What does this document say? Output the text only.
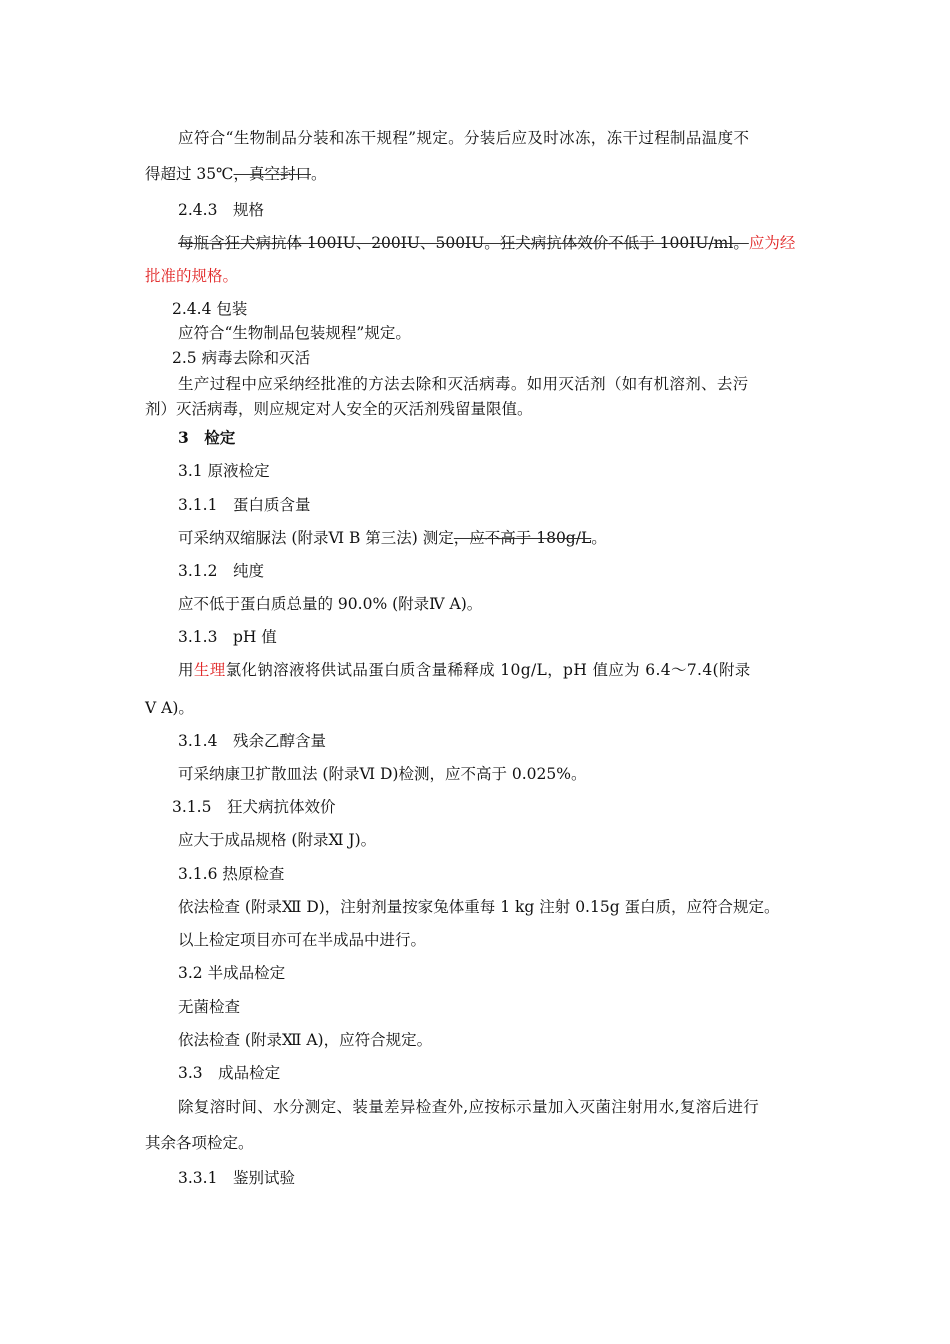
应符合“生物制品分装和冻干规程”规定。分装后应及时冰冻，冻干过程制品温度不
得超过 35℃，真空封口。
2.4.3　规格
每瓶含狂犬病抗体 100IU、200IU、500IU。狂犬病抗体效价不低于 100IU/ml。应为经
批准的规格。
2.4.4 包装
应符合“生物制品包装规程”规定。
2.5 病毒去除和灭活
生产过程中应采纳经批准的方法去除和灭活病毒。如用灭活剂（如有机溶剂、去污
剂）灭活病毒，则应规定对人安全的灭活剂残留量限值。
3　检定
3.1 原液检定
3.1.1　蛋白质含量
可采纳双缩脲法 (附录Ⅵ B 第三法) 测定，应不高于 180g/L。
3.1.2　纯度
应不低于蛋白质总量的 90.0% (附录Ⅳ A)。
3.1.3　pH 值
用生理氯化钠溶液将供试品蛋白质含量稀释成 10g/L，pH 值应为 6.4～7.4(附录
Ⅴ A)。
3.1.4　残余乙醇含量
可采纳康卫扩散皿法 (附录Ⅵ D)检测，应不高于 0.025%。
3.1.5　狂犬病抗体效价
应大于成品规格 (附录Ⅺ J)。
3.1.6 热原检查
依法检查 (附录Ⅻ D)，注射剂量按家兔体重每 1 kg 注射 0.15g 蛋白质，应符合规定。
以上检定项目亦可在半成品中进行。
3.2 半成品检定
无菌检查
依法检查 (附录Ⅻ A)，应符合规定。
3.3　成品检定
除复溶时间、水分测定、装量差异检查外,应按标示量加入灭菌注射用水,复溶后进行
其余各项检定。
3.3.1　鉴别试验
